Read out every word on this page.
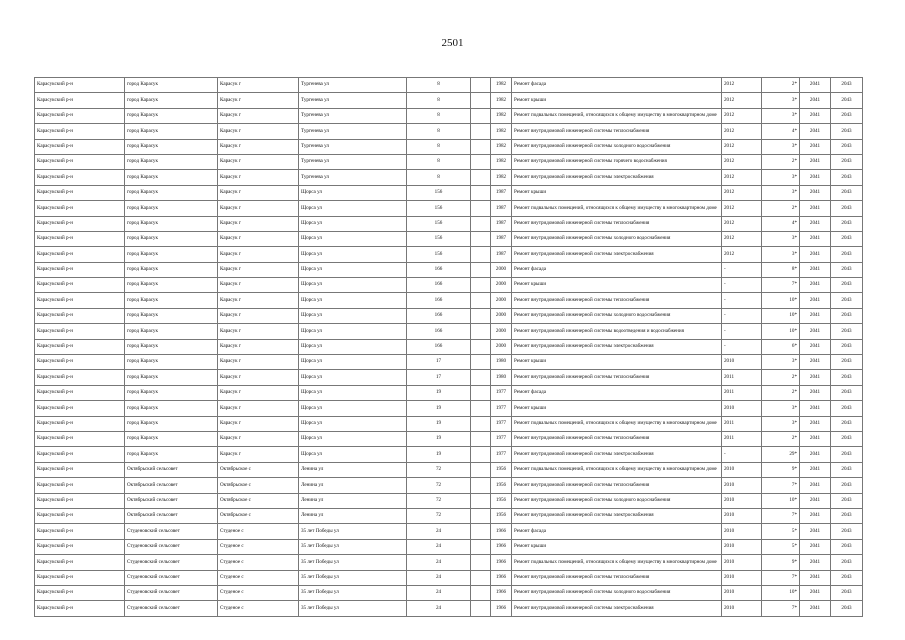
2501
Карасукский р-н	город Карасук	Карасук г	Тургенева ул	8		1982	Ремонт фасада	2012	2*	2041	2043
Карасукский р-н	город Карасук	Карасук г	Тургенева ул	8		1982	Ремонт крыши	2012	3*	2041	2043
Карасукский р-н	город Карасук	Карасук г	Тургенева ул	8		1982	Ремонт подвальных помещений, относящихся к общему имуществу в многоквартирном доме	2012	3*	2041	2043
Карасукский р-н	город Карасук	Карасук г	Тургенева ул	8		1982	Ремонт внутридомовой инженерной системы теплоснабжения	2012	4*	2041	2043
Карасукский р-н	город Карасук	Карасук г	Тургенева ул	8		1982	Ремонт внутридомовой инженерной системы холодного водоснабжения	2012	3*	2041	2043
Карасукский р-н	город Карасук	Карасук г	Тургенева ул	8		1982	Ремонт внутридомовой инженерной системы горячего водоснабжения	2012	2*	2041	2043
Карасукский р-н	город Карасук	Карасук г	Тургенева ул	8		1982	Ремонт внутридомовой инженерной системы электроснабжения	2012	3*	2041	2043
Карасукский р-н	город Карасук	Карасук г	Щорса ул	156		1987	Ремонт крыши	2012	3*	2041	2043
Карасукский р-н	город Карасук	Карасук г	Щорса ул	156		1987	Ремонт подвальных помещений, относящихся к общему имуществу в многоквартирном доме	2012	2*	2041	2043
Карасукский р-н	город Карасук	Карасук г	Щорса ул	156		1987	Ремонт внутридомовой инженерной системы теплоснабжения	2012	4*	2041	2043
Карасукский р-н	город Карасук	Карасук г	Щорса ул	156		1987	Ремонт внутридомовой инженерной системы холодного водоснабжения	2012	3*	2041	2043
Карасукский р-н	город Карасук	Карасук г	Щорса ул	156		1987	Ремонт внутридомовой инженерной системы электроснабжения	2012	3*	2041	2043
Карасукский р-н	город Карасук	Карасук г	Щорса ул	166		2000	Ремонт фасада	-	8*	2041	2043
Карасукский р-н	город Карасук	Карасук г	Щорса ул	166		2000	Ремонт крыши	-	7*	2041	2043
Карасукский р-н	город Карасук	Карасук г	Щорса ул	166		2000	Ремонт внутридомовой инженерной системы теплоснабжения	-	10*	2041	2043
Карасукский р-н	город Карасук	Карасук г	Щорса ул	166		2000	Ремонт внутридомовой инженерной системы холодного водоснабжения	-	10*	2041	2043
Карасукский р-н	город Карасук	Карасук г	Щорса ул	166		2000	Ремонт внутридомовой инженерной системы водоотведения и водоснабжения	-	10*	2041	2043
Карасукский р-н	город Карасук	Карасук г	Щорса ул	166		2000	Ремонт внутридомовой инженерной системы электроснабжения	-	6*	2041	2043
Карасукский р-н	город Карасук	Карасук г	Щорса ул	17		1980	Ремонт крыши	2010	3*	2041	2043
Карасукский р-н	город Карасук	Карасук г	Щорса ул	17		1980	Ремонт внутридомовой инженерной системы теплоснабжения	2011	2*	2041	2043
Карасукский р-н	город Карасук	Карасук г	Щорса ул	19		1977	Ремонт фасада	2011	2*	2041	2043
Карасукский р-н	город Карасук	Карасук г	Щорса ул	19		1977	Ремонт крыши	2010	3*	2041	2043
Карасукский р-н	город Карасук	Карасук г	Щорса ул	19		1977	Ремонт подвальных помещений, относящихся к общему имуществу в многоквартирном доме	2011	3*	2041	2043
Карасукский р-н	город Карасук	Карасук г	Щорса ул	19		1977	Ремонт внутридомовой инженерной системы теплоснабжения	2011	2*	2041	2043
Карасукский р-н	город Карасук	Карасук г	Щорса ул	19		1977	Ремонт внутридомовой инженерной системы электроснабжения	-	29*	2041	2043
Карасукский р-н	Октябрьский сельсовет	Октябрьское с	Ленина ул	72		1956	Ремонт подвальных помещений, относящихся к общему имуществу в многоквартирном доме	2010	9*	2041	2043
Карасукский р-н	Октябрьский сельсовет	Октябрьское с	Ленина ул	72		1956	Ремонт внутридомовой инженерной системы теплоснабжения	2010	7*	2041	2043
Карасукский р-н	Октябрьский сельсовет	Октябрьское с	Ленина ул	72		1956	Ремонт внутридомовой инженерной системы холодного водоснабжения	2010	10*	2041	2043
Карасукский р-н	Октябрьский сельсовет	Октябрьское с	Ленина ул	72		1956	Ремонт внутридомовой инженерной системы электроснабжения	2010	7*	2041	2043
Карасукский р-н	Студеновский сельсовет	Студеное с	35 лет Победы ул	24		1966	Ремонт фасада	2010	5*	2041	2043
Карасукский р-н	Студеновский сельсовет	Студеное с	35 лет Победы ул	24		1966	Ремонт крыши	2010	5*	2041	2043
Карасукский р-н	Студеновский сельсовет	Студеное с	35 лет Победы ул	24		1966	Ремонт подвальных помещений, относящихся к общему имуществу в многоквартирном доме	2010	9*	2041	2043
Карасукский р-н	Студеновский сельсовет	Студеное с	35 лет Победы ул	24		1966	Ремонт внутридомовой инженерной системы теплоснабжения	2010	7*	2041	2043
Карасукский р-н	Студеновский сельсовет	Студеное с	35 лет Победы ул	24		1966	Ремонт внутридомовой инженерной системы холодного водоснабжения	2010	10*	2041	2043
Карасукский р-н	Студеновский сельсовет	Студеное с	35 лет Победы ул	24		1966	Ремонт внутридомовой инженерной системы электроснабжения	2010	7*	2041	2043
